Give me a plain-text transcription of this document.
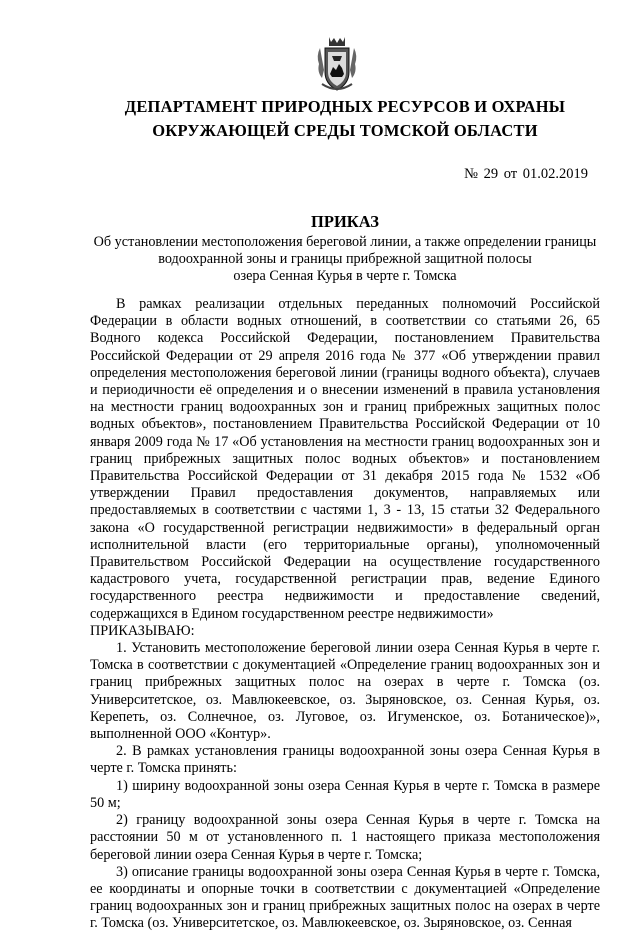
ДЕПАРТАМЕНТ ПРИРОДНЫХ РЕСУРСОВ И ОХРАНЫ
ОКРУЖАЮЩЕЙ СРЕДЫ ТОМСКОЙ ОБЛАСТИ
№ 29 от 01.02.2019
ПРИКАЗ
Об установлении местоположения береговой линии, а также определении границы
водоохранной зоны и границы прибрежной защитной полосы
озера Сенная Курья в черте г. Томска

В рамках реализации отдельных переданных полномочий Российской Федерации в области водных отношений, в соответствии со статьями 26, 65 Водного кодекса Российской Федерации, постановлением Правительства Российской Федерации от 29 апреля 2016 года № 377 «Об утверждении правил определения местоположения береговой линии (границы водного объекта), случаев и периодичности её определения и о внесении изменений в правила установления на местности границ водоохранных зон и границ прибрежных защитных полос водных объектов», постановлением Правительства Российской Федерации от 10 января 2009 года № 17 «Об установления на местности границ водоохранных зон и границ прибрежных защитных полос водных объектов» и постановлением Правительства Российской Федерации от 31 декабря 2015 года № 1532 «Об утверждении Правил предоставления документов, направляемых или предоставляемых в соответствии с частями 1, 3 - 13, 15 статьи 32 Федерального закона «О государственной регистрации недвижимости» в федеральный орган исполнительной власти (его территориальные органы), уполномоченный Правительством Российской Федерации на осуществление государственного кадастрового учета, государственной регистрации прав, ведение Единого государственного реестра недвижимости и предоставление сведений, содержащихся в Едином государственном реестре недвижимости»

ПРИКАЗЫВАЮ:

1. Установить местоположение береговой линии озера Сенная Курья в черте г. Томска в соответствии с документацией «Определение границ водоохранных зон и границ прибрежных защитных полос на озерах в черте г. Томска (оз. Университетское, оз. Мавлюкеевское, оз. Зыряновское, оз. Сенная Курья, оз. Керепеть, оз. Солнечное, оз. Луговое, оз. Игуменское, оз. Ботаническое)», выполненной ООО «Контур».

2. В рамках установления границы водоохранной зоны озера Сенная Курья в черте г. Томска принять:

1) ширину водоохранной зоны озера Сенная Курья в черте г. Томска в размере 50 м;

2) границу водоохранной зоны озера Сенная Курья в черте г. Томска на расстоянии 50 м от установленного п. 1 настоящего приказа местоположения береговой линии озера Сенная Курья в черте г. Томска;

3) описание границы водоохранной зоны озера Сенная Курья в черте г. Томска, ее координаты и опорные точки в соответствии с документацией «Определение границ водоохранных зон и границ прибрежных защитных полос на озерах в черте г. Томска (оз. Университетское, оз. Мавлюкеевское, оз. Зыряновское, оз. Сенная
